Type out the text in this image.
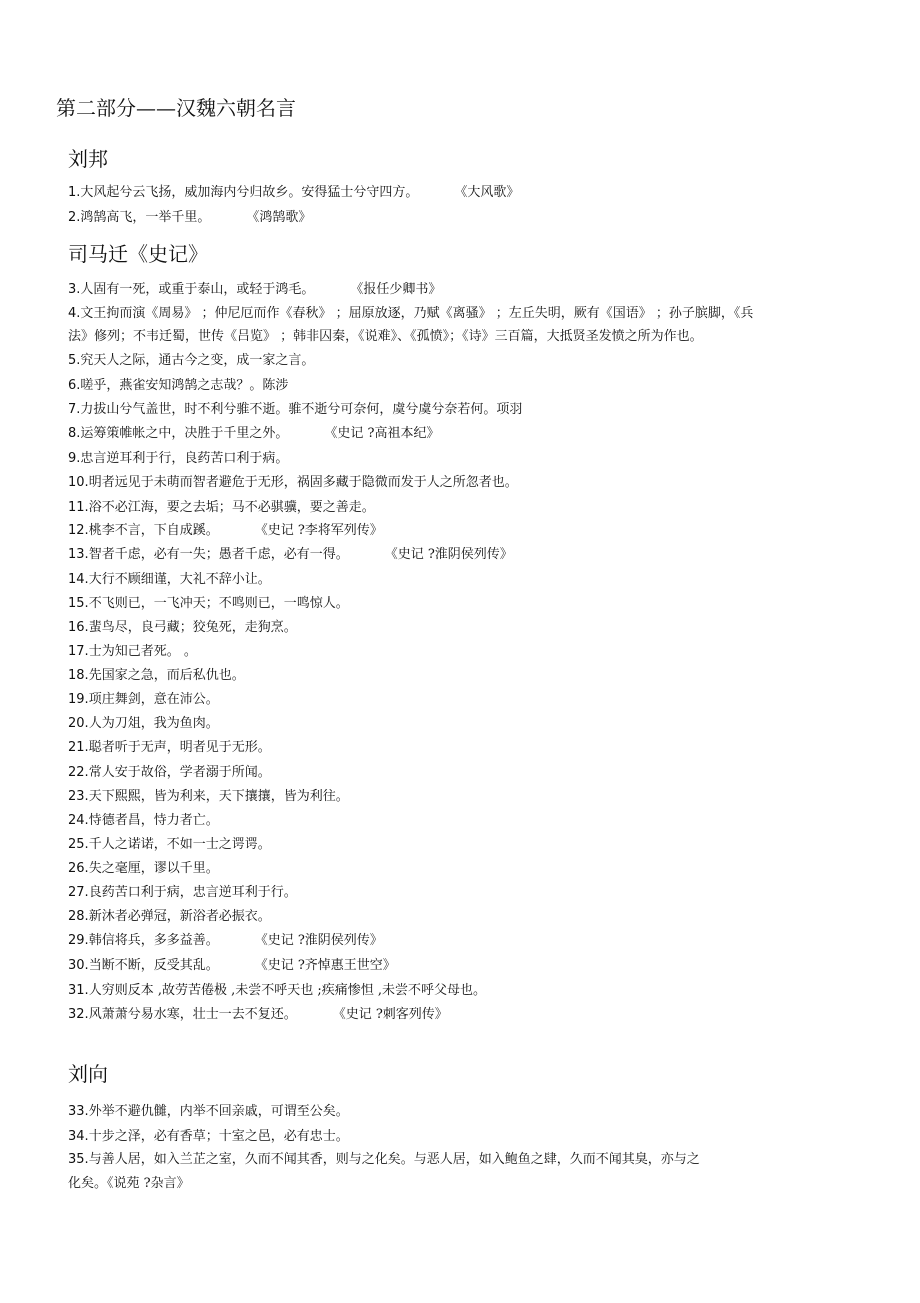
第二部分——汉魏六朝名言
刘邦
1.大风起兮云飞扬，威加海内兮归故乡。安得猛士兮守四方。	《大风歌》
2.鸿鹄高飞，一举千里。	《鸿鹄歌》
司马迁《史记》
3.人固有一死，或重于泰山，或轻于鸿毛。	《报任少卿书》
4.文王拘而演《周易》 ；仲尼厄而作《春秋》 ；屈原放逐，乃赋《离骚》 ；左丘失明，厥有《国语》 ；孙子膑脚，《兵
法》修列；不韦迁蜀，世传《吕览》 ；韩非囚秦，《说难》、《孤愤》；《诗》三百篇，大抵贤圣发愤之所为作也。
5.究天人之际，通古今之变，成一家之言。
6.嗟乎，燕雀安知鸿鹄之志哉？。陈涉
7.力拔山兮气盖世，时不利兮骓不逝。骓不逝兮可奈何，虞兮虞兮奈若何。项羽
8.运筹策帷帐之中，决胜于千里之外。	《史记 ?高祖本纪》
9.忠言逆耳利于行，良药苦口利于病。
10.明者远见于未萌而智者避危于无形，祸固多藏于隐微而发于人之所忽者也。
11.浴不必江海，要之去垢；马不必骐骥，要之善走。
12.桃李不言，下自成蹊。	《史记 ?李将军列传》
13.智者千虑，必有一失；愚者千虑，必有一得。	《史记 ?淮阴侯列传》
14.大行不顾细谨，大礼不辞小让。
15.不飞则已，一飞冲天；不鸣则已，一鸣惊人。
16.蜚鸟尽，良弓藏；狡兔死，走狗烹。
17.士为知己者死。 。
18.先国家之急，而后私仇也。
19.项庄舞剑，意在沛公。
20.人为刀俎，我为鱼肉。
21.聪者听于无声，明者见于无形。
22.常人安于故俗，学者溺于所闻。
23.天下熙熙，皆为利来，天下攘攘，皆为利往。
24.恃德者昌，恃力者亡。
25.千人之诺诺，不如一士之谔谔。
26.失之毫厘，谬以千里。
27.良药苦口利于病，忠言逆耳利于行。
28.新沐者必弹冠，新浴者必振衣。
29.韩信将兵，多多益善。	《史记 ?淮阴侯列传》
30.当断不断，反受其乱。	《史记 ?齐悼惠王世空》
31.人穷则反本 ,故劳苦倦极 ,未尝不呼天也 ;疾痛惨怛 ,未尝不呼父母也。
32.风萧萧兮易水寒，壮士一去不复还。	《史记 ?刺客列传》
刘向
33.外举不避仇雠，内举不回亲戚，可谓至公矣。
34.十步之泽，必有香草；十室之邑，必有忠士。
35.与善人居，如入兰芷之室，久而不闻其香，则与之化矣。与恶人居，如入鲍鱼之肆，久而不闻其臭，亦与之
化矣。《说苑 ?杂言》
